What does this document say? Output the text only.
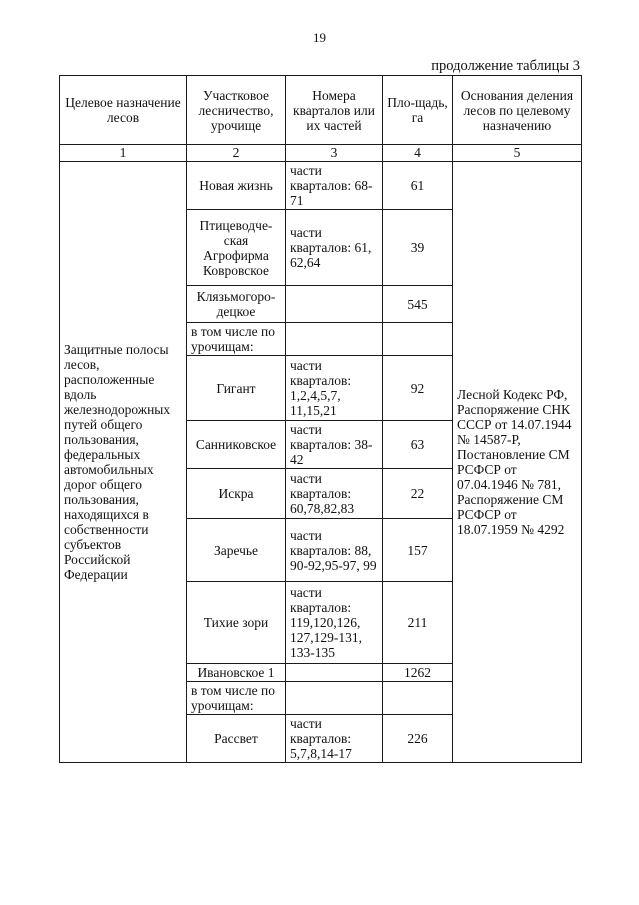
19
продолжение таблицы 3
Целевое назначение лесов	Участковое лесничество, урочище	Номера кварталов или их частей	Пло-щадь, га	Основания деления лесов по целевому назначению
1	2	3	4	5
Защитные полосы лесов, расположенные вдоль железнодорожных путей общего пользования, федеральных автомобильных дорог общего пользования, находящихся в собственности субъектов Российской Федерации	Новая жизнь	части кварталов: 68-71	61	Лесной Кодекс РФ, Распоряжение СНК СССР от 14.07.1944 № 14587-Р, Постановление СМ РСФСР от 07.04.1946 № 781, Распоряжение СМ РСФСР от 18.07.1959 № 4292
	Птицеводче-ская Агрофирма Ковровское	части кварталов: 61, 62,64	39	
	Клязьмогоро-децкое		545	
	в том числе по урочищам:			
	Гигант	части кварталов: 1,2,4,5,7, 11,15,21	92	
	Санниковское	части кварталов: 38-42	63	
	Искра	части кварталов: 60,78,82,83	22	
	Заречье	части кварталов: 88, 90-92,95-97, 99	157	
	Тихие зори	части кварталов: 119,120,126, 127,129-131, 133-135	211	
	Ивановское 1		1262	
	в том числе по урочищам:			
	Рассвет	части кварталов: 5,7,8,14-17	226	
